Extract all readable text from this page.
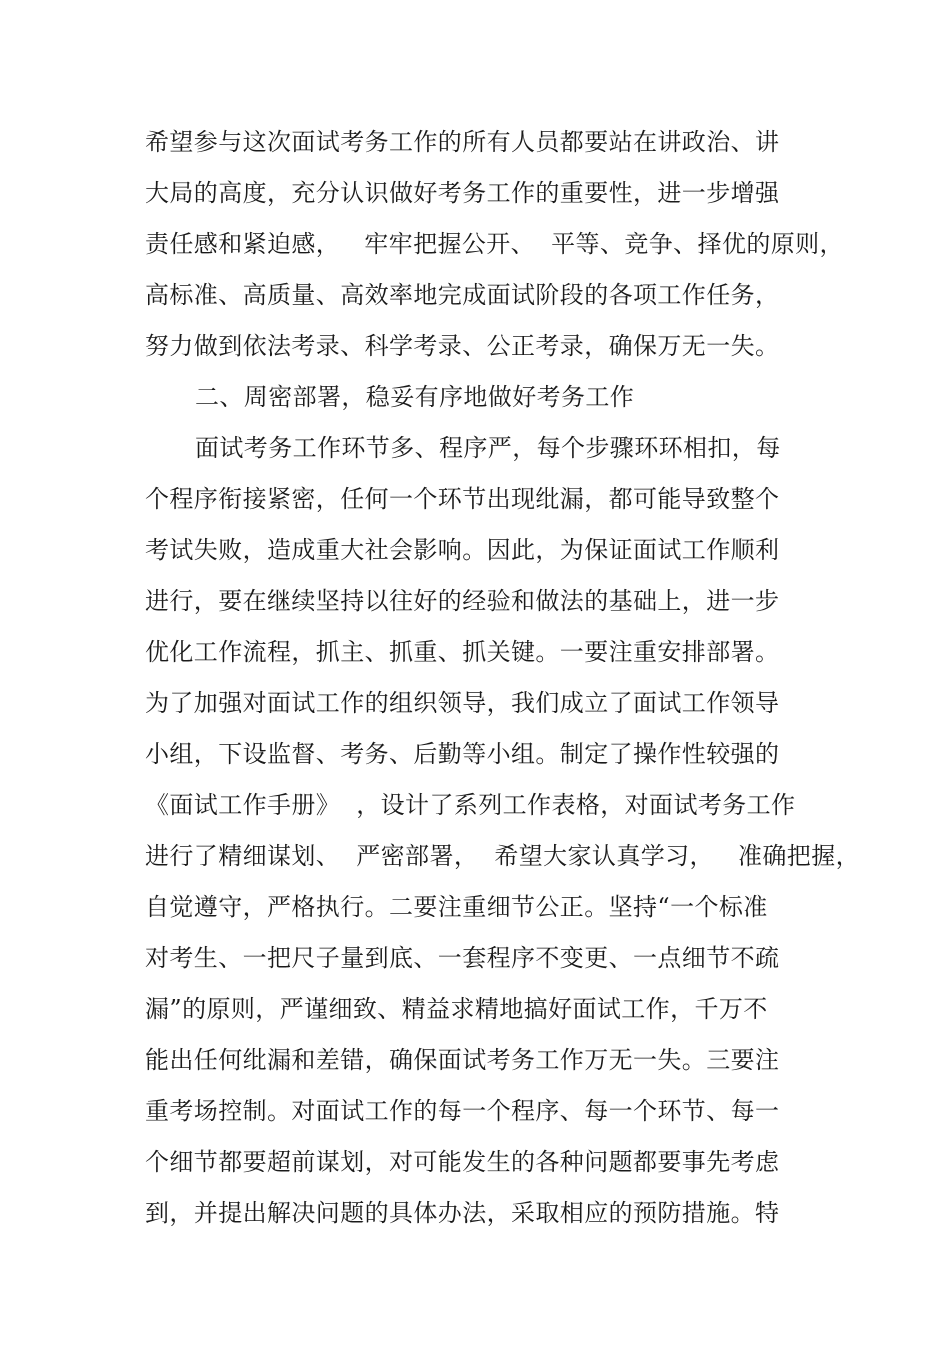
希望参与这次面试考务工作的所有人员都要站在讲政治、讲
大局的高度，充分认识做好考务工作的重要性，进一步增强
责任感和紧迫感，   牢牢把握公开、  平等、竞争、择优的原则，
高标准、高质量、高效率地完成面试阶段的各项工作任务，
努力做到依法考录、科学考录、公正考录，确保万无一失。
二、周密部署，稳妥有序地做好考务工作
面试考务工作环节多、程序严，每个步骤环环相扣，每
个程序衔接紧密，任何一个环节出现纰漏，都可能导致整个
考试失败，造成重大社会影响。因此，为保证面试工作顺利
进行，要在继续坚持以往好的经验和做法的基础上，进一步
优化工作流程，抓主、抓重、抓关键。一要注重安排部署。
为了加强对面试工作的组织领导，我们成立了面试工作领导
小组，下设监督、考务、后勤等小组。制定了操作性较强的
《面试工作手册》  ，设计了系列工作表格，对面试考务工作
进行了精细谋划、  严密部署，  希望大家认真学习，   准确把握，
自觉遵守，严格执行。二要注重细节公正。坚持“一个标准
对考生、一把尺子量到底、一套程序不变更、一点细节不疏
漏”的原则，严谨细致、精益求精地搞好面试工作，千万不
能出任何纰漏和差错，确保面试考务工作万无一失。三要注
重考场控制。对面试工作的每一个程序、每一个环节、每一
个细节都要超前谋划，对可能发生的各种问题都要事先考虑
到，并提出解决问题的具体办法，采取相应的预防措施。特
